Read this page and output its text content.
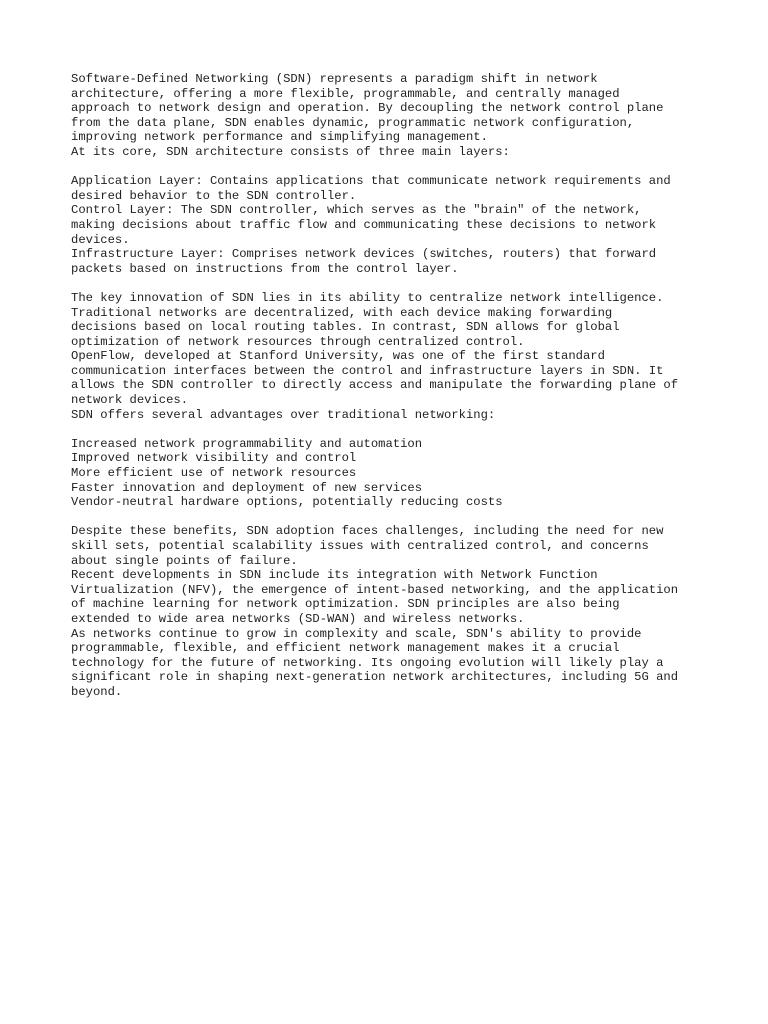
Software-Defined Networking (SDN) represents a paradigm shift in network
architecture, offering a more flexible, programmable, and centrally managed
approach to network design and operation. By decoupling the network control plane
from the data plane, SDN enables dynamic, programmatic network configuration,
improving network performance and simplifying management.
At its core, SDN architecture consists of three main layers:
Application Layer: Contains applications that communicate network requirements and
desired behavior to the SDN controller.
Control Layer: The SDN controller, which serves as the "brain" of the network,
making decisions about traffic flow and communicating these decisions to network
devices.
Infrastructure Layer: Comprises network devices (switches, routers) that forward
packets based on instructions from the control layer.
The key innovation of SDN lies in its ability to centralize network intelligence.
Traditional networks are decentralized, with each device making forwarding
decisions based on local routing tables. In contrast, SDN allows for global
optimization of network resources through centralized control.
OpenFlow, developed at Stanford University, was one of the first standard
communication interfaces between the control and infrastructure layers in SDN. It
allows the SDN controller to directly access and manipulate the forwarding plane of
network devices.
SDN offers several advantages over traditional networking:
Increased network programmability and automation
Improved network visibility and control
More efficient use of network resources
Faster innovation and deployment of new services
Vendor-neutral hardware options, potentially reducing costs
Despite these benefits, SDN adoption faces challenges, including the need for new
skill sets, potential scalability issues with centralized control, and concerns
about single points of failure.
Recent developments in SDN include its integration with Network Function
Virtualization (NFV), the emergence of intent-based networking, and the application
of machine learning for network optimization. SDN principles are also being
extended to wide area networks (SD-WAN) and wireless networks.
As networks continue to grow in complexity and scale, SDN's ability to provide
programmable, flexible, and efficient network management makes it a crucial
technology for the future of networking. Its ongoing evolution will likely play a
significant role in shaping next-generation network architectures, including 5G and
beyond.
